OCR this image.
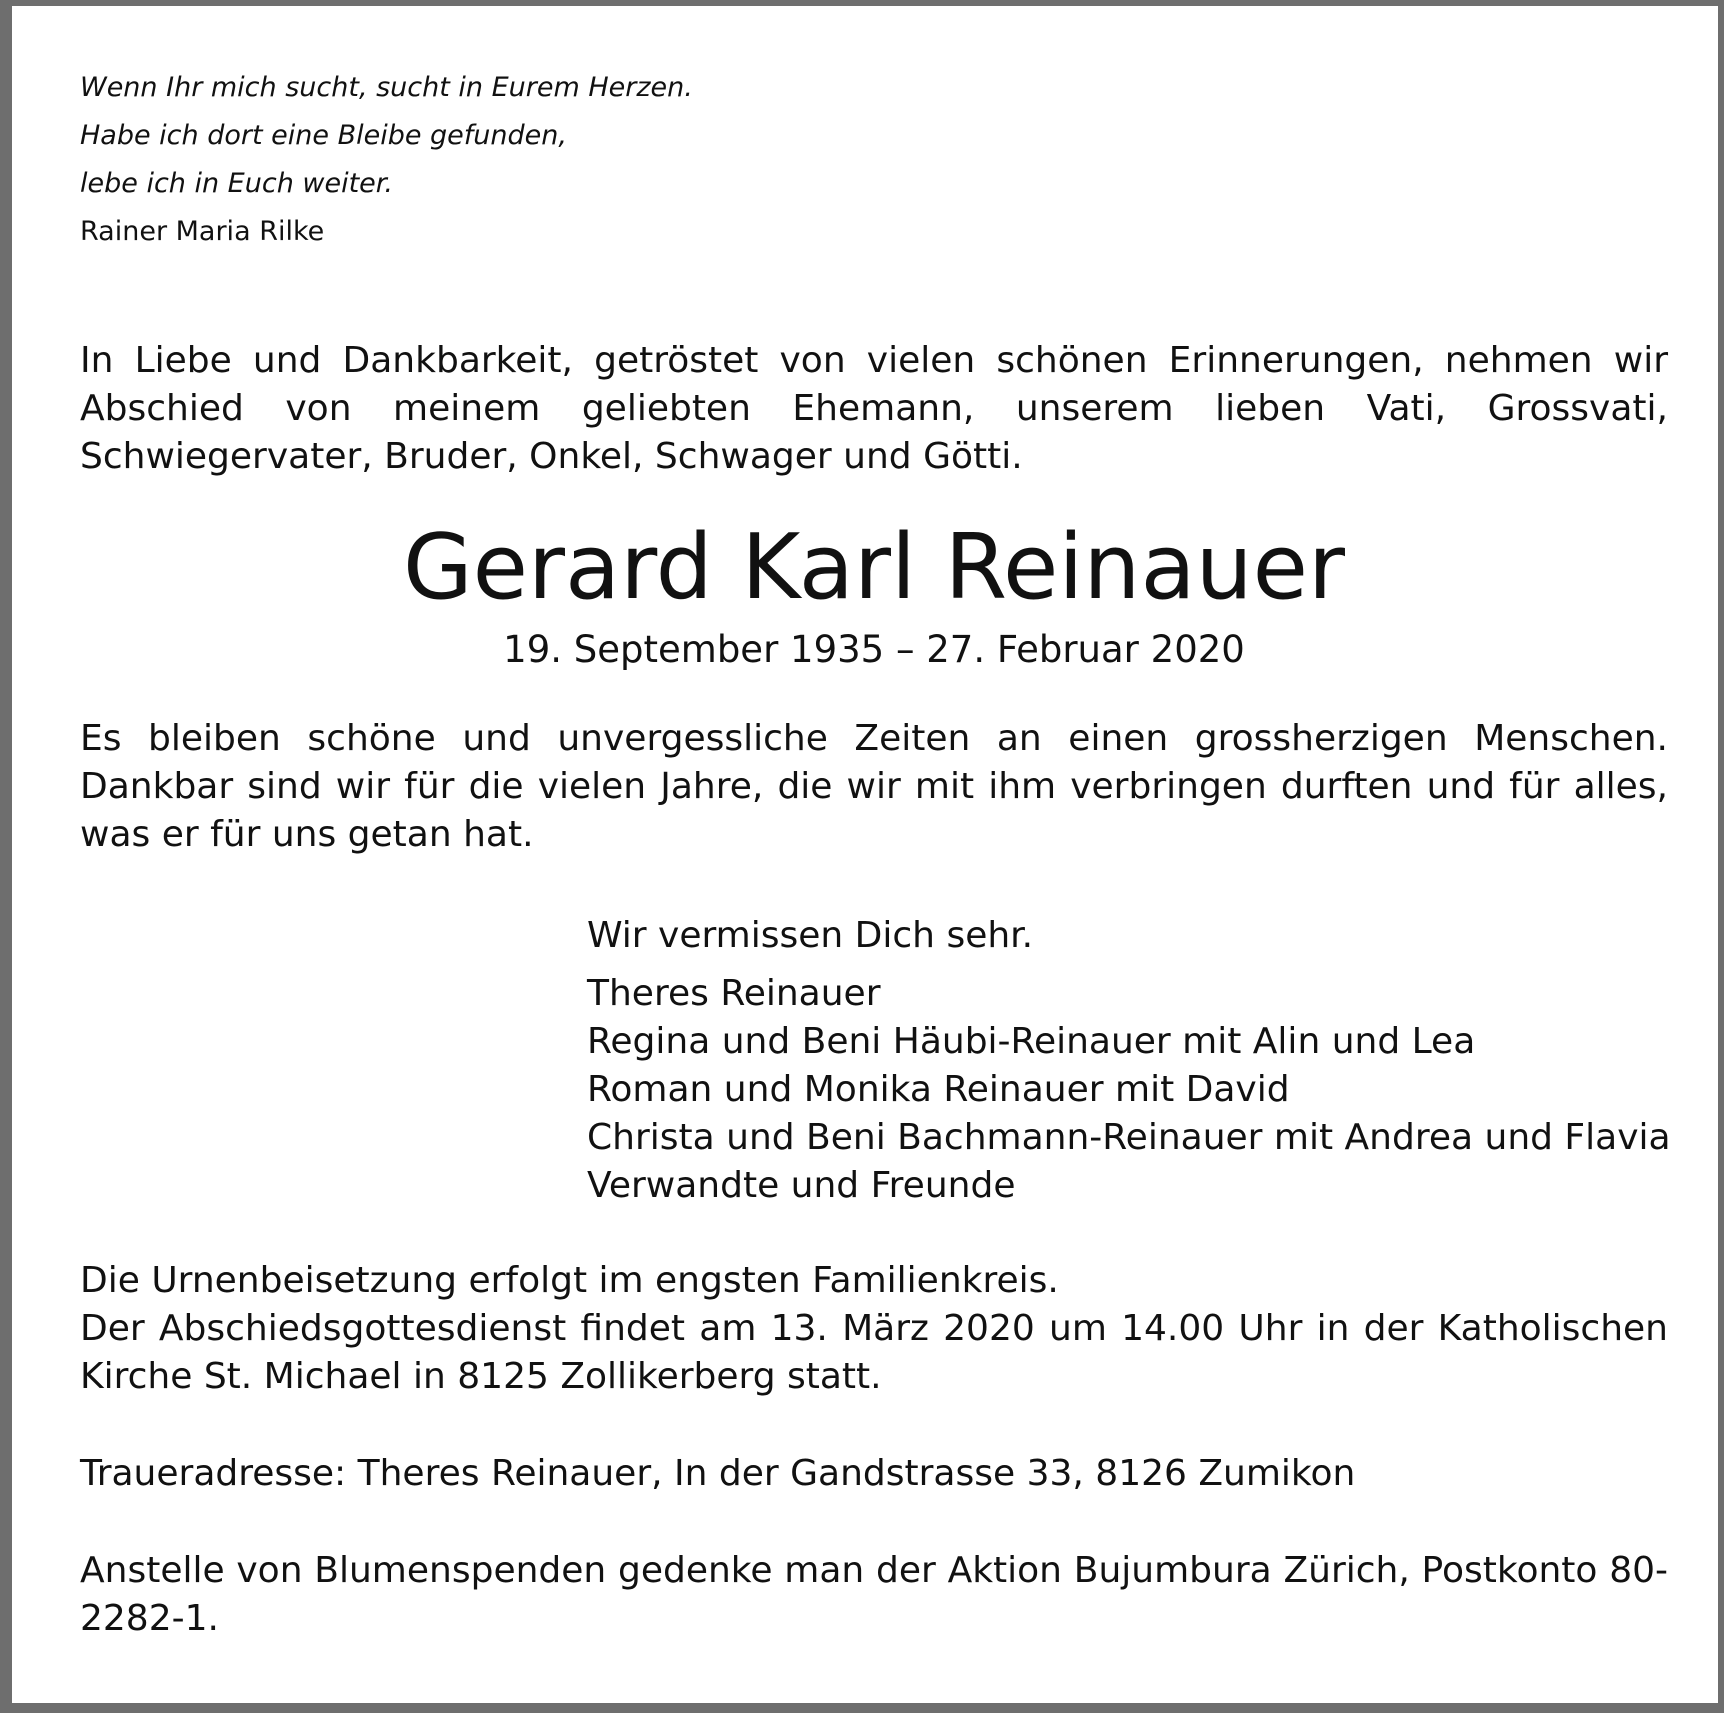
Wenn Ihr mich sucht, sucht in Eurem Herzen.
Habe ich dort eine Bleibe gefunden,
lebe ich in Euch weiter.
Rainer Maria Rilke
In Liebe und Dankbarkeit, getröstet von vielen schönen Erinnerungen, nehmen wir Abschied von meinem geliebten Ehemann, unserem lieben Vati, Grossvati, Schwiegervater, Bruder, Onkel, Schwager und Götti.
Gerard Karl Reinauer
19. September 1935 – 27. Februar 2020
Es bleiben schöne und unvergessliche Zeiten an einen grossherzigen Menschen. Dankbar sind wir für die vielen Jahre, die wir mit ihm verbringen durften und für alles, was er für uns getan hat.
Wir vermissen Dich sehr.
Theres Reinauer
Regina und Beni Häubi-Reinauer mit Alin und Lea
Roman und Monika Reinauer mit David
Christa und Beni Bachmann-Reinauer mit Andrea und Flavia
Verwandte und Freunde
Die Urnenbeisetzung erfolgt im engsten Familienkreis.
Der Abschiedsgottesdienst findet am 13. März 2020 um 14.00 Uhr in der Katholischen Kirche St. Michael in 8125 Zollikerberg statt.
Traueradresse: Theres Reinauer, In der Gandstrasse 33, 8126 Zumikon
Anstelle von Blumenspenden gedenke man der Aktion Bujumbura Zürich, Postkonto 80-2282-1.
